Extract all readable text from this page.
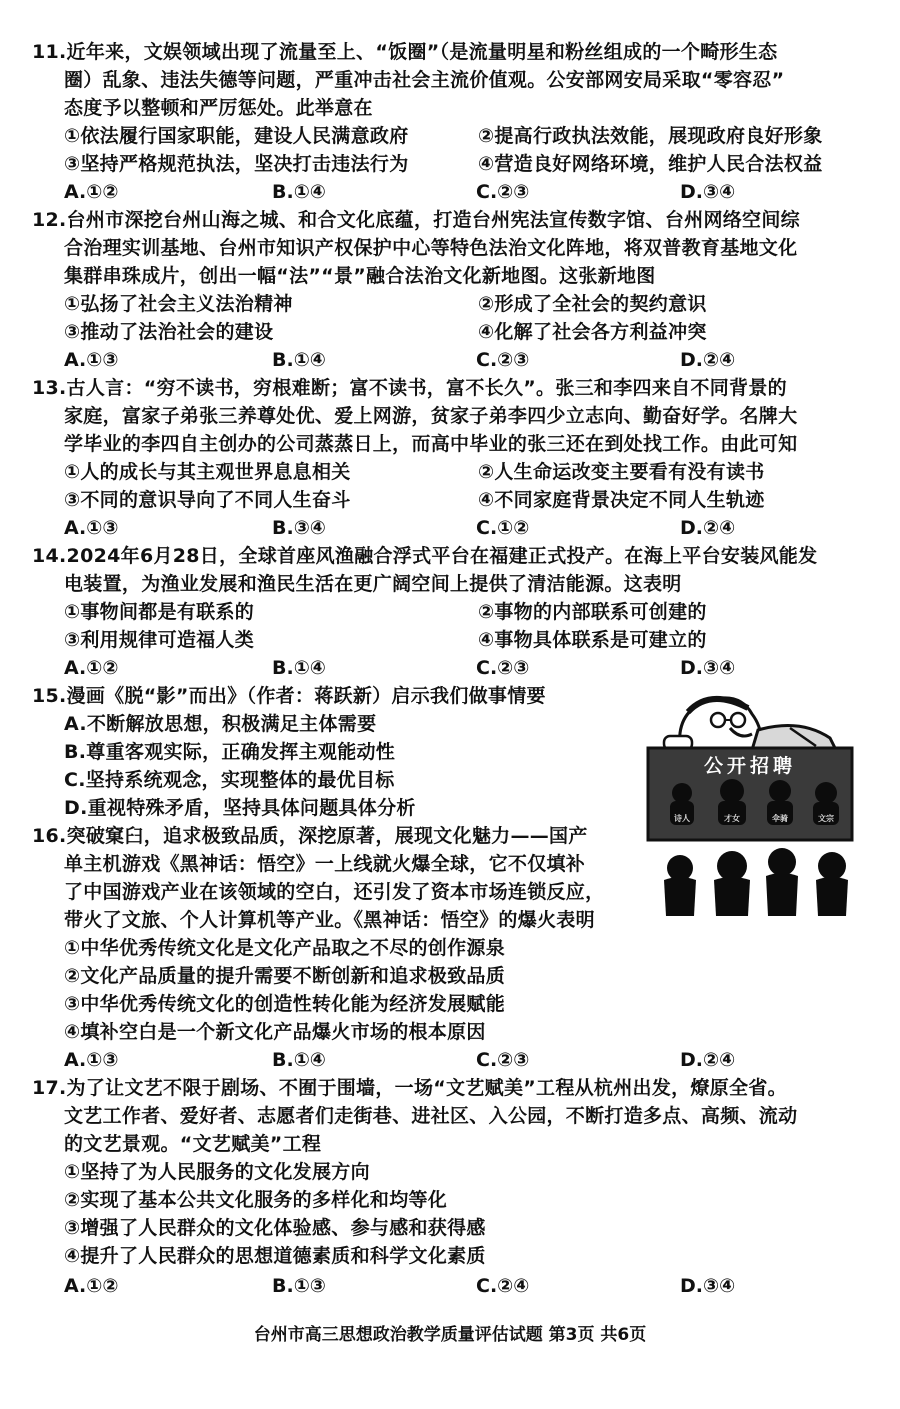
11.近年来，文娱领域出现了流量至上、“饭圈”（是流量明星和粉丝组成的一个畸形生态
圈）乱象、违法失德等问题，严重冲击社会主流价值观。公安部网安局采取“零容忍”
态度予以整顿和严厉惩处。此举意在
①依法履行国家职能，建设人民满意政府	②提高行政执法效能，展现政府良好形象
③坚持严格规范执法，坚决打击违法行为	④营造良好网络环境，维护人民合法权益
A.①②	B.①④	C.②③	D.③④
12.台州市深挖台州山海之城、和合文化底蕴，打造台州宪法宣传数字馆、台州网络空间综
合治理实训基地、台州市知识产权保护中心等特色法治文化阵地，将双普教育基地文化
集群串珠成片，创出一幅“法”“景”融合法治文化新地图。这张新地图
①弘扬了社会主义法治精神	②形成了全社会的契约意识
③推动了法治社会的建设	④化解了社会各方利益冲突
A.①③	B.①④	C.②③	D.②④
13.古人言：“穷不读书，穷根难断；富不读书，富不长久”。张三和李四来自不同背景的
家庭，富家子弟张三养尊处优、爱上网游，贫家子弟李四少立志向、勤奋好学。名牌大
学毕业的李四自主创办的公司蒸蒸日上，而高中毕业的张三还在到处找工作。由此可知
①人的成长与其主观世界息息相关	②人生命运改变主要看有没有读书
③不同的意识导向了不同人生奋斗	④不同家庭背景决定不同人生轨迹
A.①③	B.③④	C.①②	D.②④
14.2024年6月28日，全球首座风渔融合浮式平台在福建正式投产。在海上平台安装风能发
电装置，为渔业发展和渔民生活在更广阔空间上提供了清洁能源。这表明
①事物间都是有联系的	②事物的内部联系可创建的
③利用规律可造福人类	④事物具体联系是可建立的
A.①②	B.①④	C.②③	D.③④
15.漫画《脱“影”而出》（作者：蒋跃新）启示我们做事情要
A.不断解放思想，积极满足主体需要
B.尊重客观实际，正确发挥主观能动性
C.坚持系统观念，实现整体的最优目标
D.重视特殊矛盾，坚持具体问题具体分析
公开招聘
诗人	才女	伞骑	文宗
16.突破窠臼，追求极致品质，深挖原著，展现文化魅力——国产
单主机游戏《黑神话：悟空》一上线就火爆全球，它不仅填补
了中国游戏产业在该领域的空白，还引发了资本市场连锁反应，
带火了文旅、个人计算机等产业。《黑神话：悟空》的爆火表明
①中华优秀传统文化是文化产品取之不尽的创作源泉
②文化产品质量的提升需要不断创新和追求极致品质
③中华优秀传统文化的创造性转化能为经济发展赋能
④填补空白是一个新文化产品爆火市场的根本原因
A.①③	B.①④	C.②③	D.②④
17.为了让文艺不限于剧场、不囿于围墙，一场“文艺赋美”工程从杭州出发，燎原全省。
文艺工作者、爱好者、志愿者们走街巷、进社区、入公园，不断打造多点、高频、流动
的文艺景观。“文艺赋美”工程
①坚持了为人民服务的文化发展方向
②实现了基本公共文化服务的多样化和均等化
③增强了人民群众的文化体验感、参与感和获得感
④提升了人民群众的思想道德素质和科学文化素质
A.①②	B.①③	C.②④	D.③④
台州市高三思想政治教学质量评估试题 第3页 共6页
